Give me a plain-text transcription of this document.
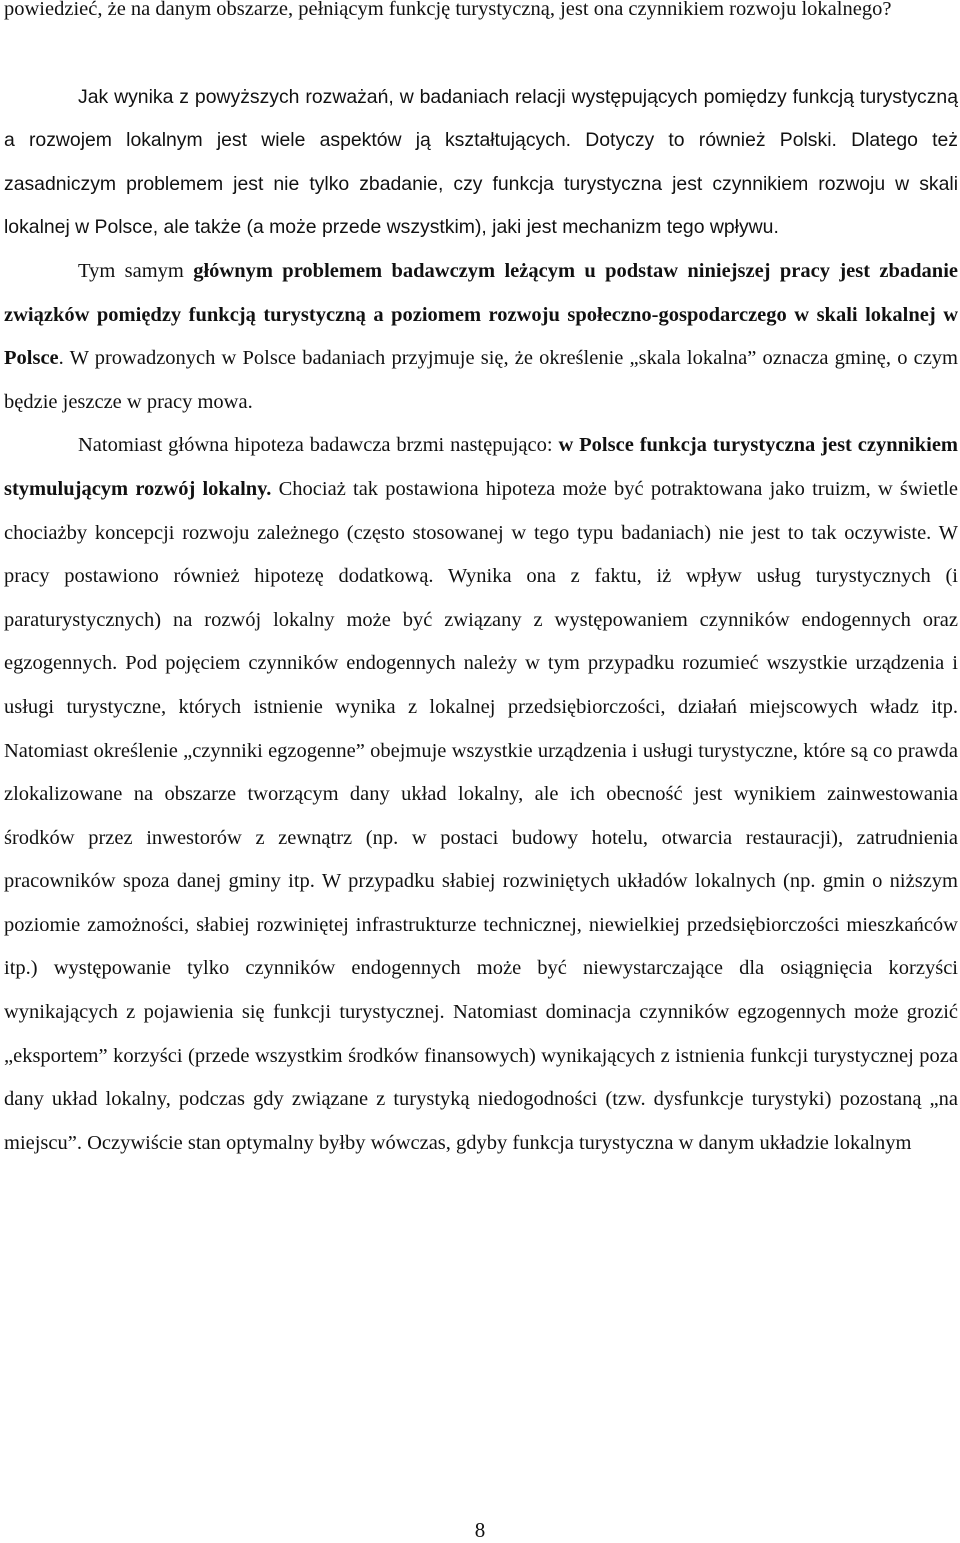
powiedzieć, że na danym obszarze, pełniącym funkcję turystyczną, jest ona czynnikiem rozwoju lokalnego?

Jak wynika z powyższych rozważań, w badaniach relacji występujących pomiędzy funkcją turystyczną a rozwojem lokalnym jest wiele aspektów ją kształtujących. Dotyczy to również Polski. Dlatego też zasadniczym problemem jest nie tylko zbadanie, czy funkcja turystyczna jest czynnikiem rozwoju w skali lokalnej w Polsce, ale także (a może przede wszystkim), jaki jest mechanizm tego wpływu.

Tym samym głównym problemem badawczym leżącym u podstaw niniejszej pracy jest zbadanie związków pomiędzy funkcją turystyczną a poziomem rozwoju społeczno-gospodarczego w skali lokalnej w Polsce. W prowadzonych w Polsce badaniach przyjmuje się, że określenie „skala lokalna” oznacza gminę, o czym będzie jeszcze w pracy mowa.

Natomiast główna hipoteza badawcza brzmi następująco: w Polsce funkcja turystyczna jest czynnikiem stymulującym rozwój lokalny. Chociaż tak postawiona hipoteza może być potraktowana jako truizm, w świetle chociażby koncepcji rozwoju zależnego (często stosowanej w tego typu badaniach) nie jest to tak oczywiste. W pracy postawiono również hipotezę dodatkową. Wynika ona z faktu, iż wpływ usług turystycznych (i paraturystycznych) na rozwój lokalny może być związany z występowaniem czynników endogennych oraz egzogennych. Pod pojęciem czynników endogennych należy w tym przypadku rozumieć wszystkie urządzenia i usługi turystyczne, których istnienie wynika z lokalnej przedsiębiorczości, działań miejscowych władz itp. Natomiast określenie „czynniki egzogenne” obejmuje wszystkie urządzenia i usługi turystyczne, które są co prawda zlokalizowane na obszarze tworzącym dany układ lokalny, ale ich obecność jest wynikiem zainwestowania środków przez inwestorów z zewnątrz (np. w postaci budowy hotelu, otwarcia restauracji), zatrudnienia pracowników spoza danej gminy itp. W przypadku słabiej rozwiniętych układów lokalnych (np. gmin o niższym poziomie zamożności, słabiej rozwiniętej infrastrukturze technicznej, niewielkiej przedsiębiorczości mieszkańców itp.) występowanie tylko czynników endogennych może być niewystarczające dla osiągnięcia korzyści wynikających z pojawienia się funkcji turystycznej. Natomiast dominacja czynników egzogennych może grozić „eksportem” korzyści (przede wszystkim środków finansowych) wynikających z istnienia funkcji turystycznej poza dany układ lokalny, podczas gdy związane z turystyką niedogodności (tzw. dysfunkcje turystyki) pozostaną „na miejscu”. Oczywiście stan optymalny byłby wówczas, gdyby funkcja turystyczna w danym układzie lokalnym

8
